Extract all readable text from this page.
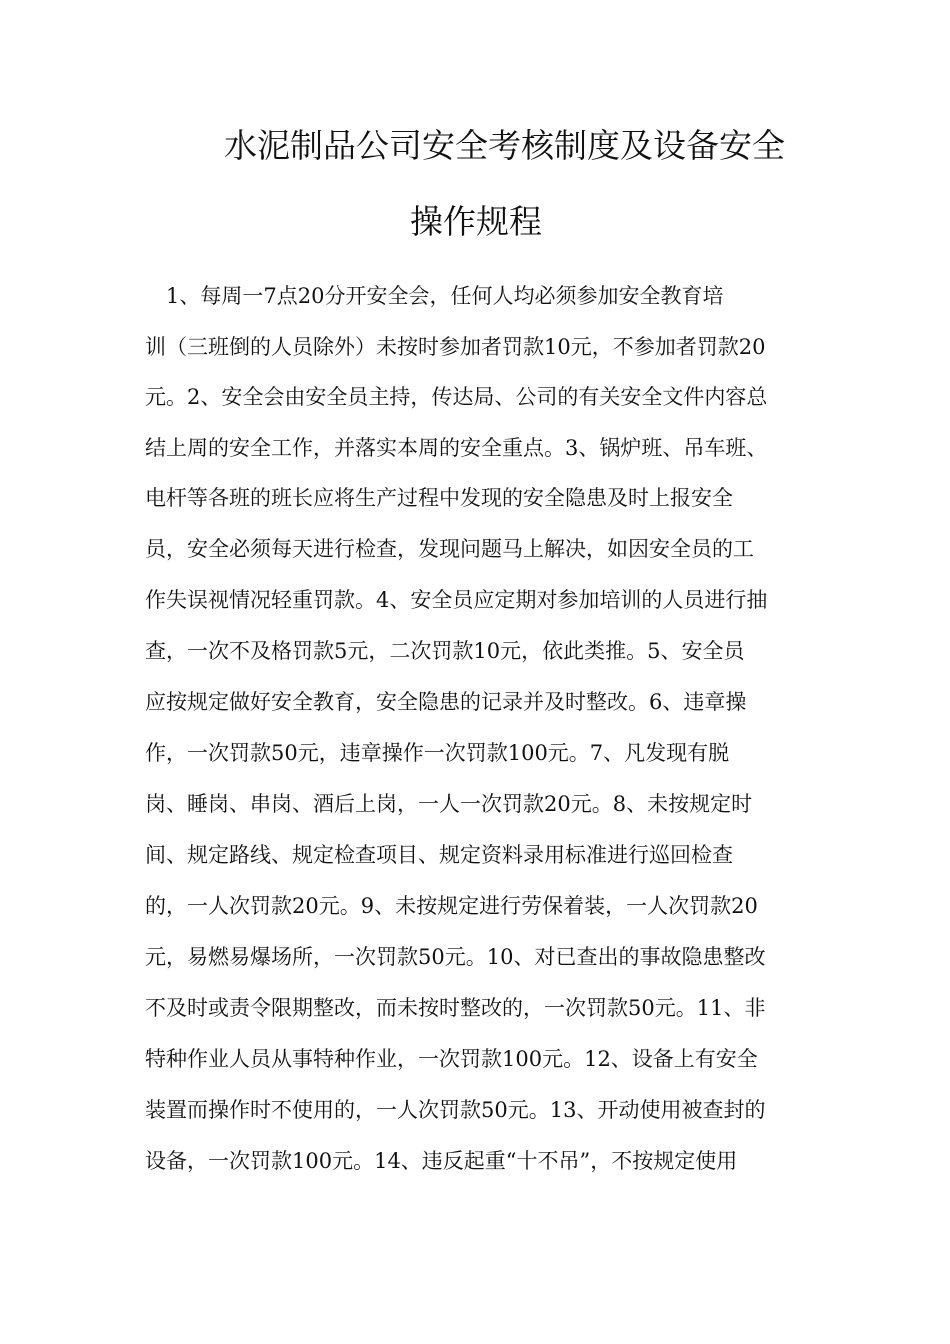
水泥制品公司安全考核制度及设备安全
操作规程
　1、每周一7点20分开安全会，任何人均必须参加安全教育培
训（三班倒的人员除外）未按时参加者罚款10元，不参加者罚款20
元。2、安全会由安全员主持，传达局、公司的有关安全文件内容总
结上周的安全工作，并落实本周的安全重点。3、锅炉班、吊车班、
电杆等各班的班长应将生产过程中发现的安全隐患及时上报安全
员，安全必须每天进行检查，发现问题马上解决，如因安全员的工
作失误视情况轻重罚款。4、安全员应定期对参加培训的人员进行抽
查，一次不及格罚款5元，二次罚款10元，依此类推。5、安全员
应按规定做好安全教育，安全隐患的记录并及时整改。6、违章操
作，一次罚款50元，违章操作一次罚款100元。7、凡发现有脱
岗、睡岗、串岗、酒后上岗，一人一次罚款20元。8、未按规定时
间、规定路线、规定检查项目、规定资料录用标准进行巡回检查
的，一人次罚款20元。9、未按规定进行劳保着装，一人次罚款20
元，易燃易爆场所，一次罚款50元。10、对已查出的事故隐患整改
不及时或责令限期整改，而未按时整改的，一次罚款50元。11、非
特种作业人员从事特种作业，一次罚款100元。12、设备上有安全
装置而操作时不使用的，一人次罚款50元。13、开动使用被查封的
设备，一次罚款100元。14、违反起重“十不吊”，不按规定使用
